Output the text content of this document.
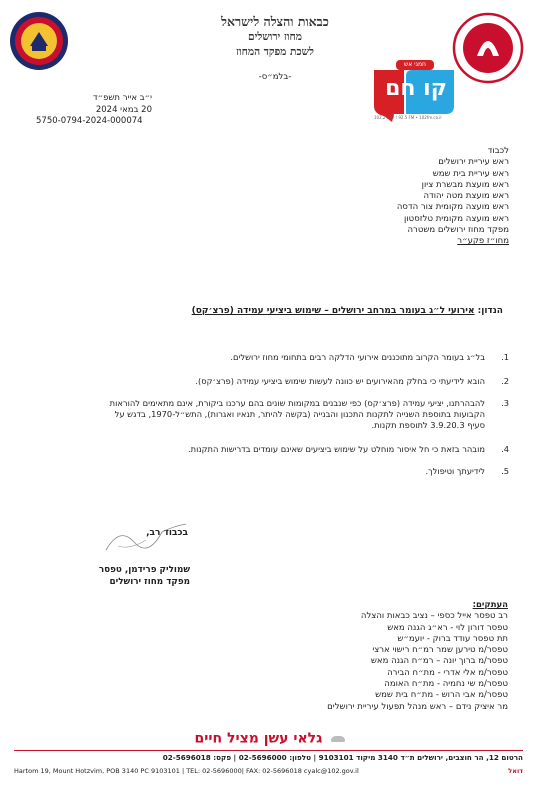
כבאות והצלה לישראל
מחוז ירושלים
לשכת מפקד המחוז
-בלמ״ס-	קו חם
חמגי אש
102.2 / 92 / 92.5 FM • 102fm.co.il
י״ב אייר תשפ״ד
20 במאי 2024
5750-0794-2024-000074
לכבוד
ראש עיריית ירושלים
ראש עיריית בית שמש
ראש מועצת מבשרת ציון
ראש מועצת מטה יהודה
ראש מועצה מקומית צור הדסה
ראש מועצה מקומית טלזסטון
מפקד מחוז ירושלים משטרה
מחו״ז פקע״ר
הנדון: אירועי ל״ג בעומר במרחב ירושלים – שימוש ביציעי עמידה (פרצ׳קס)
1.
בל״ג בעומר הקרוב מתוכננים אירועי הדלקה רבים בתחומי מחוז ירושלים.
2.
הובא לידיעתי כי בחלק מהאירועים יש כוונה לעשות שימוש ביציעי עמידה (פרצ׳קס).
3.
להבהרתנו, יציעי עמידה (פרצ׳קס) כפי שנבנים במקומות שונים בהם ערכנו ביקורת, אינם מתאימים להוראות
הקבועות בתוספת השנייה לתקנות התכנון והבנייה (בקשה להיתר, תנאיו ואגרות), התש״ל-1970, בדגש על
סעיף 3.9.20.3 לתוספת תקנות.
4.
מובהר בזאת כי חל איסור מוחלט על שימוש ביציעים שאינם עומדים בדרישות התקנות.
5.
לידיעתך וטיפולך.
בכבוד רב,
שמוליק פרידמן, טפסר
מפקד מחוז ירושלים
העתקים:
רב טפסר אייל כספי – נציב כבאות והצלה
טפסר דורון לוי - רא״ג הגנה מאש
תת טפסר עודד ברוק - יועמ״ש
טפסר/מ טירען שמר רמ״ח רישוי ארצי
טפסר/מ ברוך יונה – רמ״ח הגנה מאש
טפסר/מ אלי אדרי - מת״ח הבירה
טפסר/מ שי נחמיה - מת״ח האומה
טפסר/מ אבי הרוש - מת״ח בית שמש
מר איציק נידם – ראש מנהל תפעול עיריית ירושלים
גלאי עשן מציל חיים
הרטום 12, הר חוצבים, ירושלים ת״ד 3140 מיקוד 9103101 | טלפון: 02-5696000 | פקס: 02-5696018
Hartom 19, Mount Hotzvim, POB 3140 PC 9103101 | TEL: 02-5696000| FAX: 02-5696018 cyalc@102.gov.il	דואל
